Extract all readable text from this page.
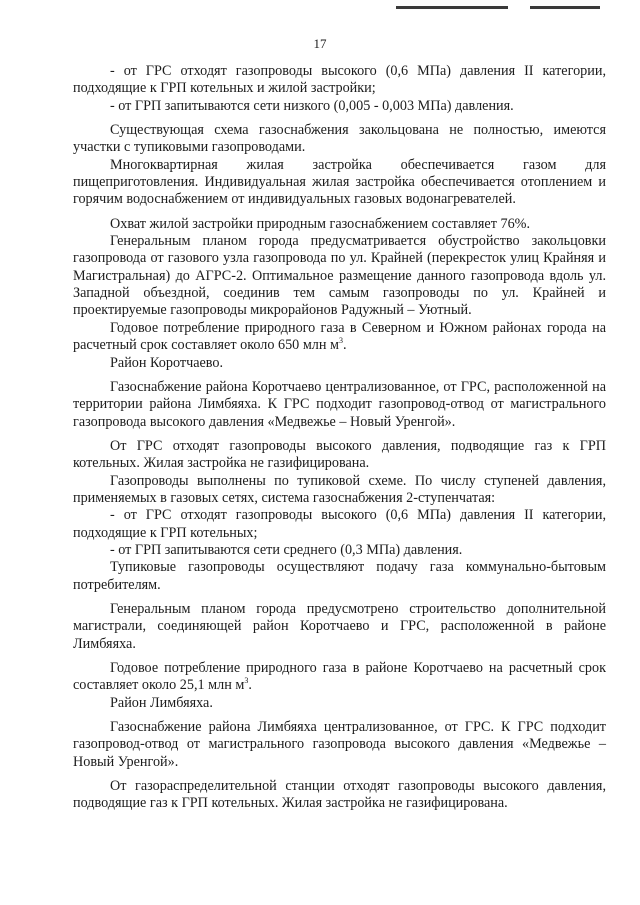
17

- от ГРС отходят газопроводы высокого (0,6 МПа) давления II категории, подходящие к ГРП котельных и жилой застройки;

- от ГРП запитываются сети низкого (0,005 - 0,003 МПа) давления.

Существующая схема газоснабжения закольцована не полностью, имеются участки с тупиковыми газопроводами.

Многоквартирная жилая застройка обеспечивается газом для пищеприготовления. Индивидуальная жилая застройка обеспечивается отоплением и горячим водоснабжением от индивидуальных газовых водонагревателей.

Охват жилой застройки природным газоснабжением составляет 76%.

Генеральным планом города предусматривается обустройство закольцовки газопровода от газового узла газопровода по ул. Крайней (перекресток улиц Крайняя и Магистральная) до АГРС-2. Оптимальное размещение данного газопровода вдоль ул. Западной объездной, соединив тем самым газопроводы по ул. Крайней и проектируемые газопроводы микрорайонов Радужный – Уютный.

Годовое потребление природного газа в Северном и Южном районах города на расчетный срок составляет около 650 млн $м^3$.

Район Коротчаево.

Газоснабжение района Коротчаево централизованное, от ГРС, расположенной на территории района Лимбяяха. К ГРС подходит газопровод-отвод от магистрального газопровода высокого давления «Медвежье – Новый Уренгой».

От ГРС отходят газопроводы высокого давления, подводящие газ к ГРП котельных. Жилая застройка не газифицирована.

Газопроводы выполнены по тупиковой схеме. По числу ступеней давления, применяемых в газовых сетях, система газоснабжения 2-ступенчатая:

- от ГРС отходят газопроводы высокого (0,6 МПа) давления II категории, подходящие к ГРП котельных;

- от ГРП запитываются сети среднего (0,3 МПа) давления.

Тупиковые газопроводы осуществляют подачу газа коммунально-бытовым потребителям.

Генеральным планом города предусмотрено строительство дополнительной магистрали, соединяющей район Коротчаево и ГРС, расположенной в районе Лимбяяха.

Годовое потребление природного газа в районе Коротчаево на расчетный срок составляет около 25,1 млн $м^3$.

Район Лимбяяха.

Газоснабжение района Лимбяяха централизованное, от ГРС. К ГРС подходит газопровод-отвод от магистрального газопровода высокого давления «Медвежье – Новый Уренгой».

От газораспределительной станции отходят газопроводы высокого давления, подводящие газ к ГРП котельных. Жилая застройка не газифицирована.
